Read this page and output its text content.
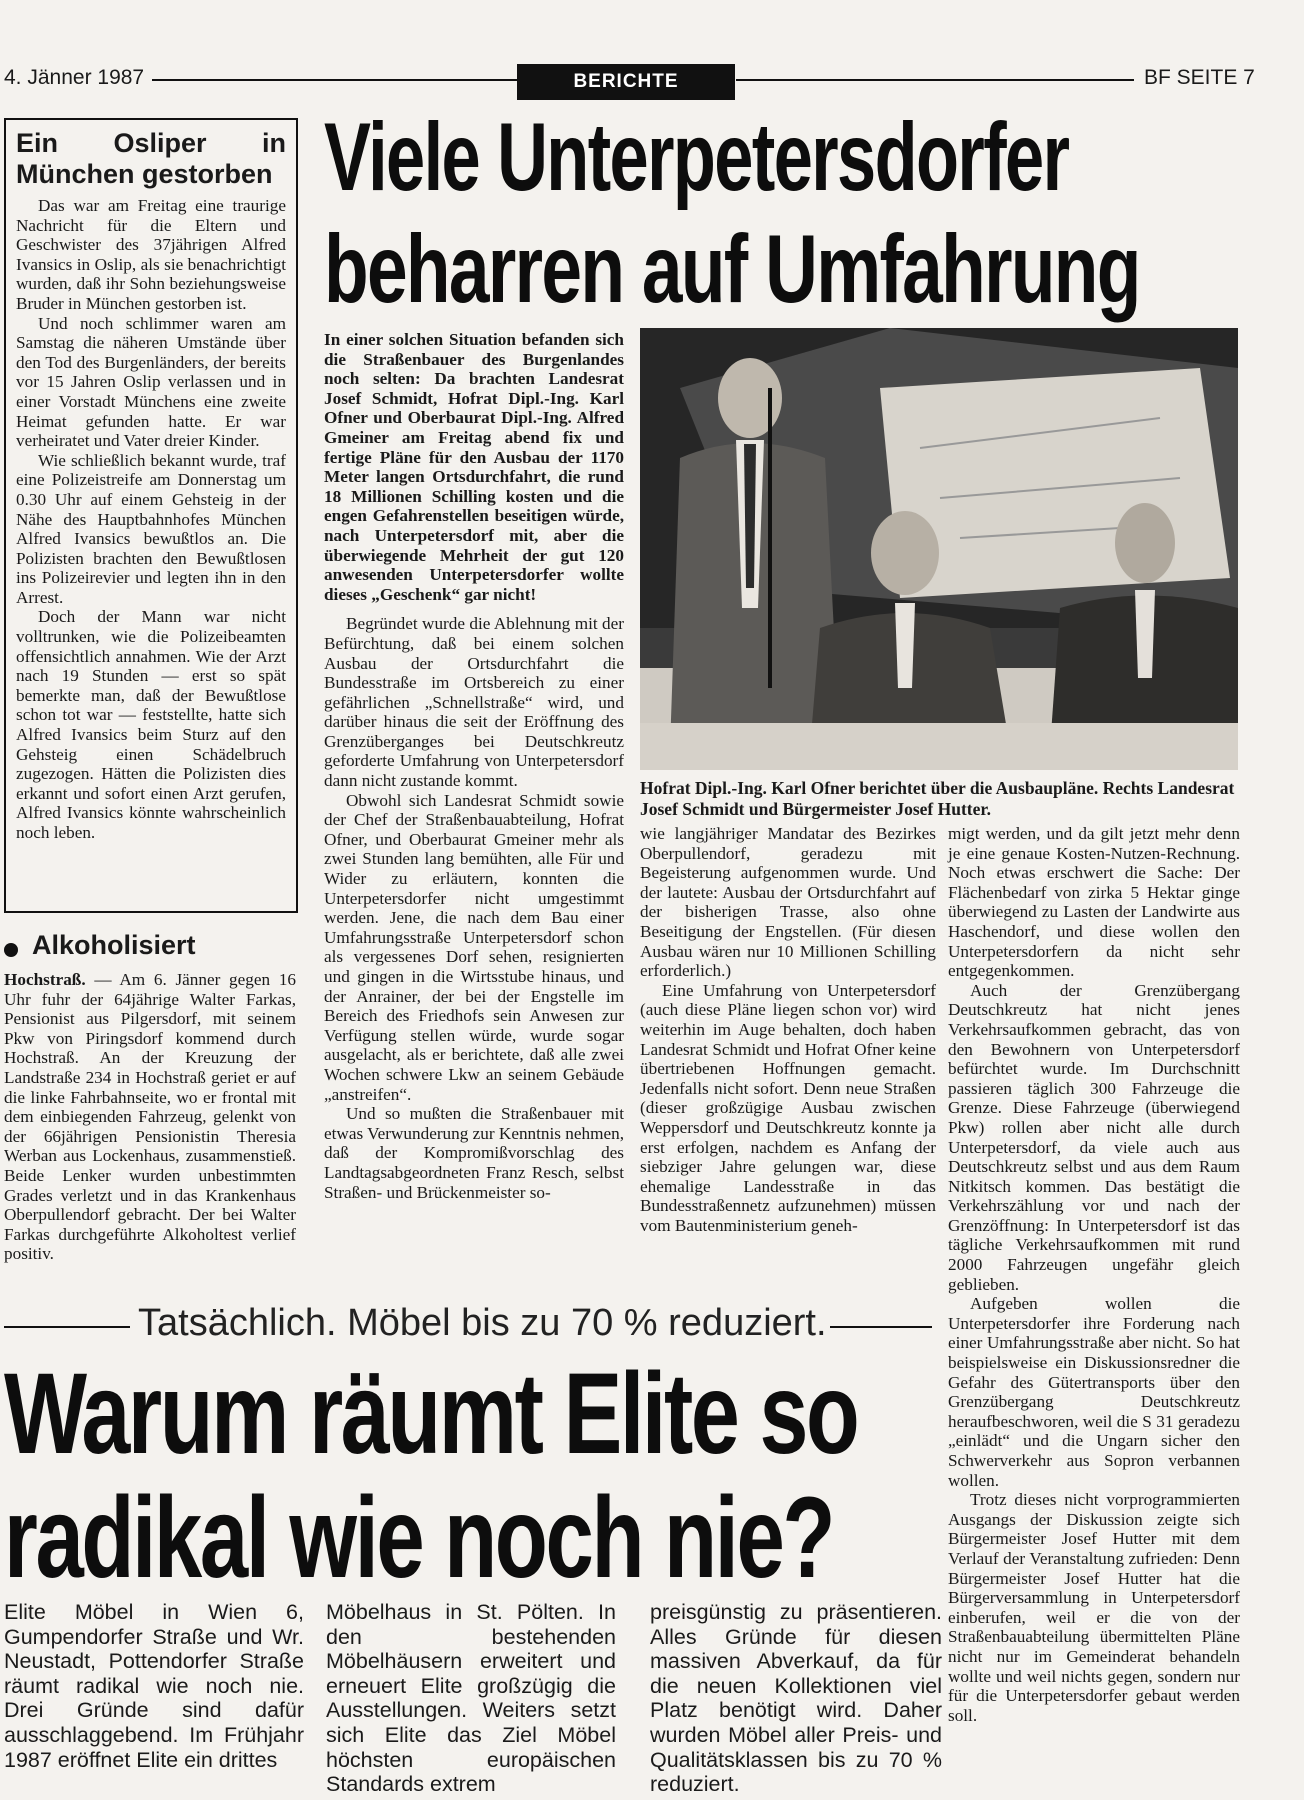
4. Jänner 1987	BERICHTE	BF SEITE 7
Ein Osliper in München gestorben

Das war am Freitag eine traurige Nachricht für die Eltern und Geschwister des 37jährigen Alfred Ivansics in Oslip, als sie benachrichtigt wurden, daß ihr Sohn beziehungsweise Bruder in München gestorben ist.

Und noch schlimmer waren am Samstag die näheren Umstände über den Tod des Burgenländers, der bereits vor 15 Jahren Oslip verlassen und in einer Vorstadt Münchens eine zweite Heimat gefunden hatte. Er war verheiratet und Vater dreier Kinder.

Wie schließlich bekannt wurde, traf eine Polizeistreife am Donnerstag um 0.30 Uhr auf einem Gehsteig in der Nähe des Hauptbahnhofes München Alfred Ivansics bewußtlos an. Die Polizisten brachten den Bewußtlosen ins Polizeirevier und legten ihn in den Arrest.

Doch der Mann war nicht volltrunken, wie die Polizeibeamten offensichtlich annahmen. Wie der Arzt nach 19 Stunden — erst so spät bemerkte man, daß der Bewußtlose schon tot war — feststellte, hatte sich Alfred Ivansics beim Sturz auf den Gehsteig einen Schädelbruch zugezogen. Hätten die Polizisten dies erkannt und sofort einen Arzt gerufen, Alfred Ivansics könnte wahrscheinlich noch leben.

Alkoholisiert

Hochstraß. — Am 6. Jänner gegen 16 Uhr fuhr der 64jährige Walter Farkas, Pensionist aus Pilgersdorf, mit seinem Pkw von Piringsdorf kommend durch Hochstraß. An der Kreuzung der Landstraße 234 in Hochstraß geriet er auf die linke Fahrbahnseite, wo er frontal mit dem einbiegenden Fahrzeug, gelenkt von der 66jährigen Pensionistin Theresia Werban aus Lockenhaus, zusammenstieß. Beide Lenker wurden unbestimmten Grades verletzt und in das Krankenhaus Oberpullendorf gebracht. Der bei Walter Farkas durchgeführte Alkoholtest verlief positiv.

Viele Unterpetersdorfer
beharren auf Umfahrung

In einer solchen Situation befanden sich die Straßenbauer des Burgenlandes noch selten: Da brachten Landesrat Josef Schmidt, Hofrat Dipl.-Ing. Karl Ofner und Oberbaurat Dipl.-Ing. Alfred Gmeiner am Freitag abend fix und fertige Pläne für den Ausbau der 1170 Meter langen Ortsdurchfahrt, die rund 18 Millionen Schilling kosten und die engen Gefahrenstellen beseitigen würde, nach Unterpetersdorf mit, aber die überwiegende Mehrheit der gut 120 anwesenden Unterpetersdorfer wollte dieses „Geschenk“ gar nicht!

Begründet wurde die Ablehnung mit der Befürchtung, daß bei einem solchen Ausbau der Ortsdurchfahrt die Bundesstraße im Ortsbereich zu einer gefährlichen „Schnellstraße“ wird, und darüber hinaus die seit der Eröffnung des Grenzüberganges bei Deutschkreutz geforderte Umfahrung von Unterpetersdorf dann nicht zustande kommt.

Obwohl sich Landesrat Schmidt sowie der Chef der Straßenbauabteilung, Hofrat Ofner, und Oberbaurat Gmeiner mehr als zwei Stunden lang bemühten, alle Für und Wider zu erläutern, konnten die Unterpetersdorfer nicht umgestimmt werden. Jene, die nach dem Bau einer Umfahrungsstraße Unterpetersdorf schon als vergessenes Dorf sehen, resignierten und gingen in die Wirtsstube hinaus, und der Anrainer, der bei der Engstelle im Bereich des Friedhofs sein Anwesen zur Verfügung stellen würde, wurde sogar ausgelacht, als er berichtete, daß alle zwei Wochen schwere Lkw an seinem Gebäude „anstreifen“.

Und so mußten die Straßenbauer mit etwas Verwunderung zur Kenntnis nehmen, daß der Kompromißvorschlag des Landtagsabgeordneten Franz Resch, selbst Straßen- und Brückenmeister so-

Hofrat Dipl.-Ing. Karl Ofner berichtet über die Ausbaupläne. Rechts Landesrat Josef Schmidt und Bürgermeister Josef Hutter.

wie langjähriger Mandatar des Bezirkes Oberpullendorf, geradezu mit Begeisterung aufgenommen wurde. Und der lautete: Ausbau der Ortsdurchfahrt auf der bisherigen Trasse, also ohne Beseitigung der Engstellen. (Für diesen Ausbau wären nur 10 Millionen Schilling erforderlich.)

Eine Umfahrung von Unterpetersdorf (auch diese Pläne liegen schon vor) wird weiterhin im Auge behalten, doch haben Landesrat Schmidt und Hofrat Ofner keine übertriebenen Hoffnungen gemacht. Jedenfalls nicht sofort. Denn neue Straßen (dieser großzügige Ausbau zwischen Weppersdorf und Deutschkreutz konnte ja erst erfolgen, nachdem es Anfang der siebziger Jahre gelungen war, diese ehemalige Landesstraße in das Bundesstraßennetz aufzunehmen) müssen vom Bautenministerium geneh-

migt werden, und da gilt jetzt mehr denn je eine genaue Kosten-Nutzen-Rechnung. Noch etwas erschwert die Sache: Der Flächenbedarf von zirka 5 Hektar ginge überwiegend zu Lasten der Landwirte aus Haschendorf, und diese wollen den Unterpetersdorfern da nicht sehr entgegenkommen.

Auch der Grenzübergang Deutschkreutz hat nicht jenes Verkehrsaufkommen gebracht, das von den Bewohnern von Unterpetersdorf befürchtet wurde. Im Durchschnitt passieren täglich 300 Fahrzeuge die Grenze. Diese Fahrzeuge (überwiegend Pkw) rollen aber nicht alle durch Unterpetersdorf, da viele auch aus Deutschkreutz selbst und aus dem Raum Nitkitsch kommen. Das bestätigt die Verkehrszählung vor und nach der Grenzöffnung: In Unterpetersdorf ist das tägliche Verkehrsaufkommen mit rund 2000 Fahrzeugen ungefähr gleich geblieben.

Aufgeben wollen die Unterpetersdorfer ihre Forderung nach einer Umfahrungsstraße aber nicht. So hat beispielsweise ein Diskussionsredner die Gefahr des Gütertransports über den Grenzübergang Deutschkreutz heraufbeschworen, weil die S 31 geradezu „einlädt“ und die Ungarn sicher den Schwerverkehr aus Sopron verbannen wollen.

Trotz dieses nicht vorprogrammierten Ausgangs der Diskussion zeigte sich Bürgermeister Josef Hutter mit dem Verlauf der Veranstaltung zufrieden: Denn Bürgermeister Josef Hutter hat die Bürgerversammlung in Unterpetersdorf einberufen, weil er die von der Straßenbauabteilung übermittelten Pläne nicht nur im Gemeinderat behandeln wollte und weil nichts gegen, sondern nur für die Unterpetersdorfer gebaut werden soll.

Tatsächlich. Möbel bis zu 70 % reduziert.
Warum räumt Elite so
radikal wie noch nie?
Elite Möbel in Wien 6, Gumpendorfer Straße und Wr. Neustadt, Pottendorfer Straße räumt radikal wie noch nie. Drei Gründe sind dafür ausschlaggebend. Im Frühjahr 1987 eröffnet Elite ein drittes
Möbelhaus in St. Pölten. In den bestehenden Möbelhäusern erweitert und erneuert Elite großzügig die Ausstellungen. Weiters setzt sich Elite das Ziel Möbel höchsten europäischen Standards extrem
preisgünstig zu präsentieren. Alles Gründe für diesen massiven Abverkauf, da für die neuen Kollektionen viel Platz benötigt wird. Daher wurden Möbel aller Preis- und Qualitätsklassen bis zu 70 % reduziert.
